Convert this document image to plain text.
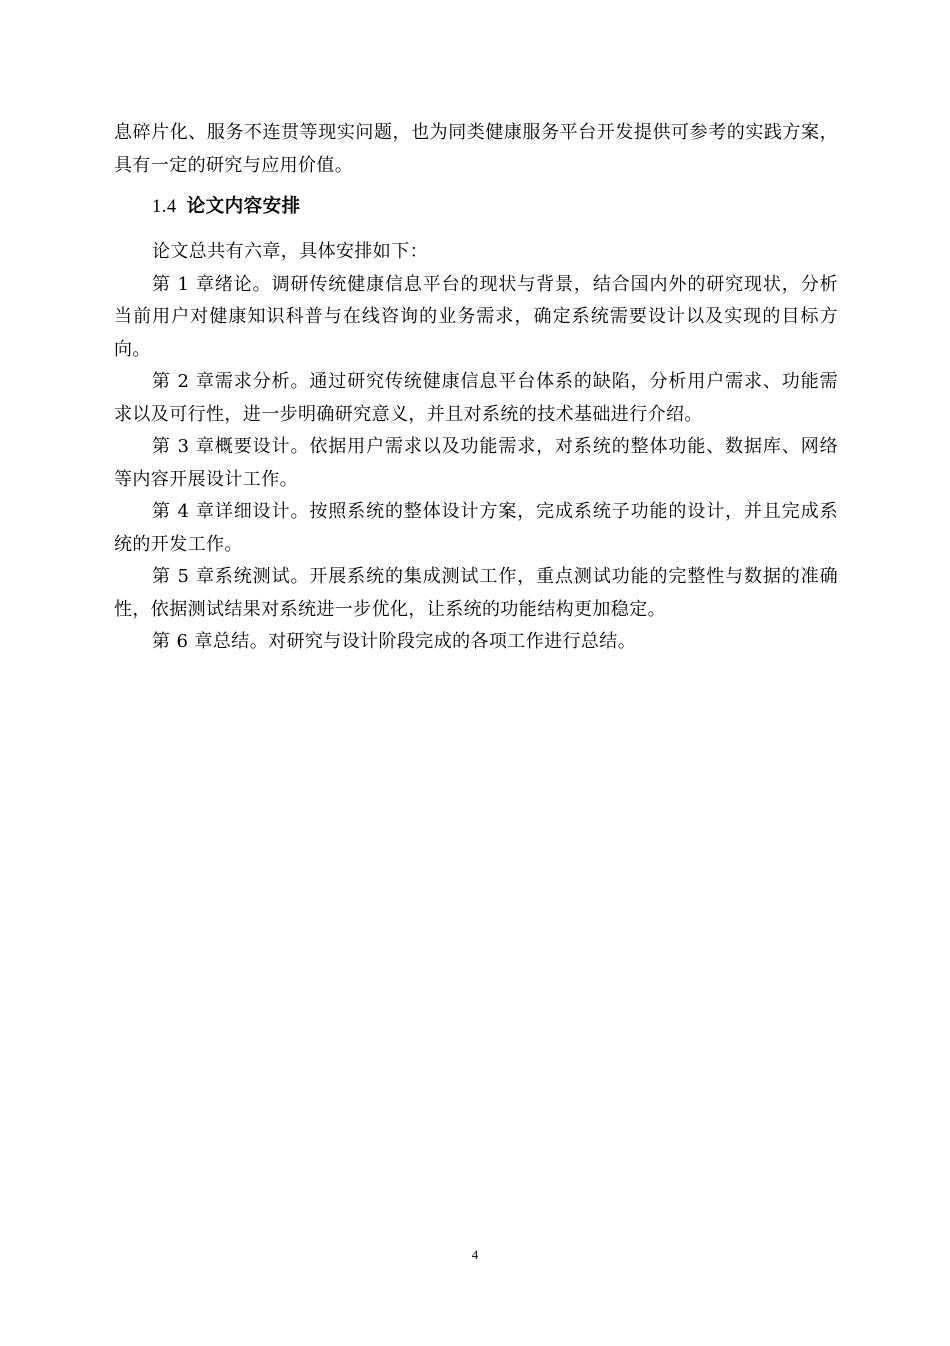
息碎片化、服务不连贯等现实问题，也为同类健康服务平台开发提供可参考的实践方案，具有一定的研究与应用价值。

1.4 论文内容安排

论文总共有六章，具体安排如下：

第 1 章绪论。调研传统健康信息平台的现状与背景，结合国内外的研究现状，分析当前用户对健康知识科普与在线咨询的业务需求，确定系统需要设计以及实现的目标方向。

第 2 章需求分析。通过研究传统健康信息平台体系的缺陷，分析用户需求、功能需求以及可行性，进一步明确研究意义，并且对系统的技术基础进行介绍。

第 3 章概要设计。依据用户需求以及功能需求，对系统的整体功能、数据库、网络等内容开展设计工作。

第 4 章详细设计。按照系统的整体设计方案，完成系统子功能的设计，并且完成系统的开发工作。

第 5 章系统测试。开展系统的集成测试工作，重点测试功能的完整性与数据的准确性，依据测试结果对系统进一步优化，让系统的功能结构更加稳定。

第 6 章总结。对研究与设计阶段完成的各项工作进行总结。

4
